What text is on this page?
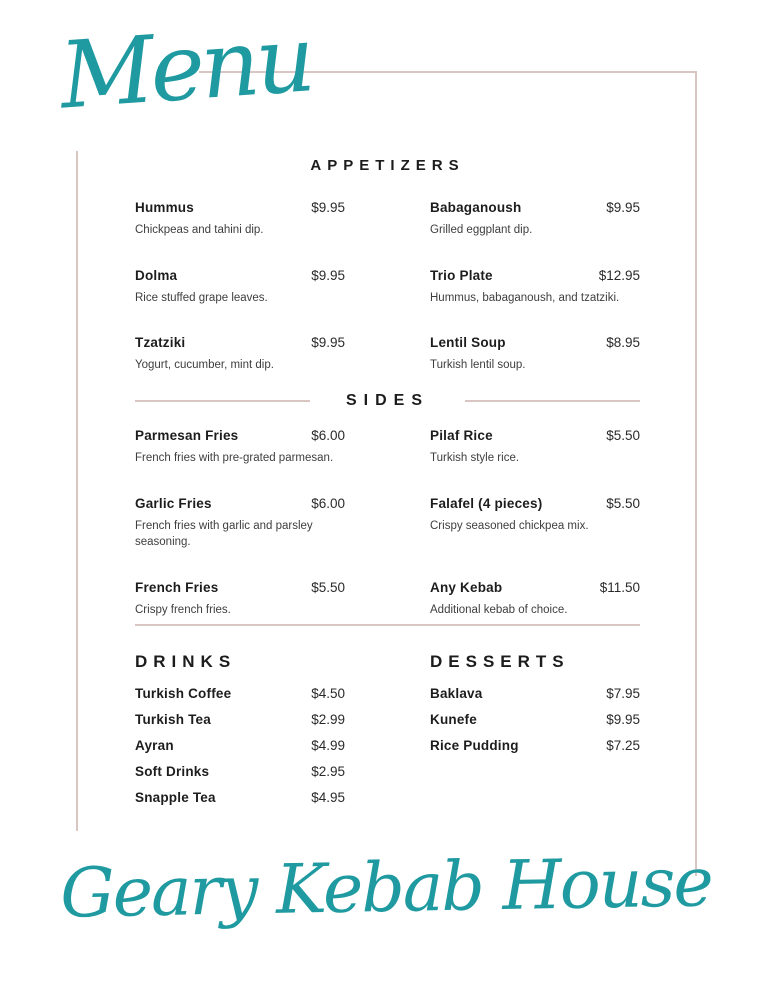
Menu
APPETIZERS
Hummus	$9.95
Chickpeas and tahini dip.
Babaganoush	$9.95
Grilled eggplant dip.
Dolma	$9.95
Rice stuffed grape leaves.
Trio Plate	$12.95
Hummus, babaganoush, and tzatziki.
Tzatziki	$9.95
Yogurt, cucumber, mint dip.
Lentil Soup	$8.95
Turkish lentil soup.
SIDES
Parmesan Fries	$6.00
French fries with pre-grated parmesan.
Pilaf Rice	$5.50
Turkish style rice.
Garlic Fries	$6.00
French fries with garlic and parsley seasoning.
Falafel (4 pieces)	$5.50
Crispy seasoned chickpea mix.
French Fries	$5.50
Crispy french fries.
Any Kebab	$11.50
Additional kebab of choice.
DRINKS
Turkish Coffee	$4.50
Turkish Tea	$2.99
Ayran	$4.99
Soft Drinks	$2.95
Snapple Tea	$4.95
DESSERTS
Baklava	$7.95
Kunefe	$9.95
Rice Pudding	$7.25
Geary Kebab House
